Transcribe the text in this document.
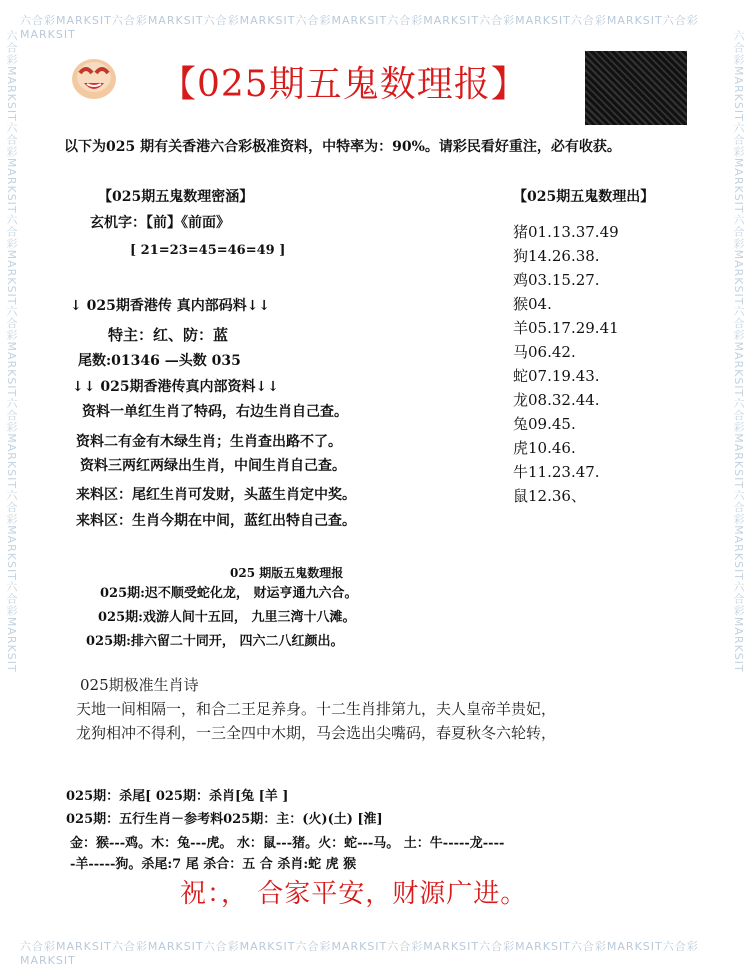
六合彩MARKSIT六合彩MARKSIT六合彩MARKSIT六合彩MARKSIT六合彩MARKSIT六合彩MARKSIT六合彩MARKSIT六合彩MARKSIT
六合彩MARKSIT六合彩MARKSIT六合彩MARKSIT六合彩MARKSIT六合彩MARKSIT六合彩MARKSIT六合彩MARKSIT六合彩MARKSIT
六合彩MARKSIT六合彩MARKSIT六合彩MARKSIT六合彩MARKSIT六合彩MARKSIT六合彩MARKSIT六合彩MARKSIT	六合彩MARKSIT六合彩MARKSIT六合彩MARKSIT六合彩MARKSIT六合彩MARKSIT六合彩MARKSIT六合彩MARKSIT
【025期五鬼数理报】
以下为025 期有关香港六合彩极准资料，中特率为：90%。请彩民看好重注，必有收获。
【025期五鬼数理密涵】
玄机字：【前】《前面》
[ 21=23=45=46=49 ]
↓ 025期香港传 真内部码料↓↓
特主：红、防：蓝
尾数:01346 —头数 035
↓↓ 025期香港传真内部资料↓↓
资料一单红生肖了特码，右边生肖自己查。
资料二有金有木绿生肖；生肖查出路不了。
资料三两红两绿出生肖，中间生肖自己查。
来料区：尾红生肖可发财，头蓝生肖定中奖。
来料区：生肖今期在中间，蓝红出特自己查。
【025期五鬼数理出】
猪01.13.37.49
狗14.26.38.
鸡03.15.27.
猴04.
羊05.17.29.41
马06.42.
蛇07.19.43.
龙08.32.44.
兔09.45.
虎10.46.
牛11.23.47.
鼠12.36、
025 期版五鬼数理报
025期:迟不顺受蛇化龙， 财运亨通九六合。
025期:戏游人间十五回， 九里三湾十八滩。
025期:排六留二十同开， 四六二八红颜出。
025期极准生肖诗
天地一间相隔一，和合二王足养身。十二生肖排第九，夫人皇帝羊贵妃，
龙狗相冲不得利，一三全四中木期，马会选出尖嘴码，春夏秋冬六轮转，
025期：杀尾[ 025期：杀肖[兔 [羊 ]
025期：五行生肖－参考料025期：主：(火)(土) [淮]
金：猴---鸡。木：兔---虎。 水：鼠---猪。火：蛇---马。 土：牛-----龙----
-羊-----狗。杀尾:7 尾 杀合：五 合 杀肖:蛇 虎 猴
祝：， 合家平安，财源广进。
